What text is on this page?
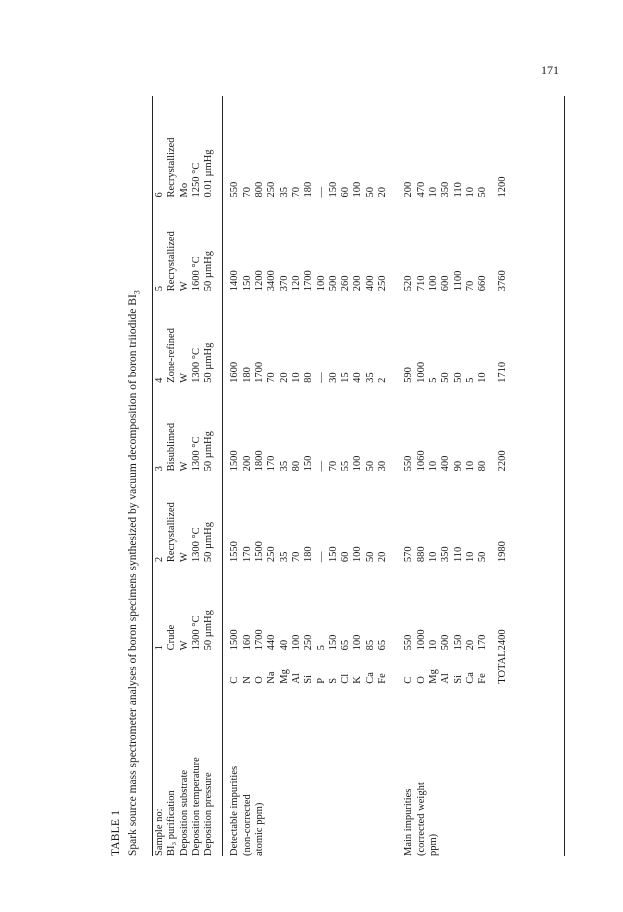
171
TABLE 1 Spark source mass spectrometer analyses of boron specimens synthesized by vacuum decomposition of boron triiodide $BI_3$
Sample no:		1	2	3	4	5	6
BI₃ purification		Crude	Recrystallized	Bisublimed	Zone-refined	Recrystallized	Recrystallized
Deposition substrate		W	W	W	W	W	Mo
Deposition temperature		1300 °C	1300 °C	1300 °C	1300 °C	1600 °C	1250 °C
Deposition pressure		50 µmHg	50 µmHg	50 µmHg	50 µmHg	50 µmHg	0.01 µmHg

Detectable impurities	C	1500	1550	1500	1600	1400	550
(non-corrected	N	160	170	200	180	150	70
atomic ppm)	O	1700	1500	1800	1700	1200	800
	Na	440	250	170	70	3400	250
	Mg	40	35	35	20	370	35
	Al	100	70	80	10	120	70
	Si	250	180	150	80	1700	180
	P	5	—	—	—	100	—
	S	150	150	70	30	500	150
	Cl	65	60	55	15	260	60
	K	100	100	100	40	200	100
	Ca	85	50	50	35	400	50
	Fe	65	20	30	2	250	20

Main impurities	C	550	570	550	590	520	200
(corrected weight	O	1000	880	1060	1000	710	470
ppm)	Mg	10	10	10	5	100	10
	Al	500	350	400	50	600	350
	Si	150	110	90	50	1100	110
	Ca	20	10	10	5	70	10
	Fe	170	50	80	10	660	50

	TOTAL	2400	1980	2200	1710	3760	1200
